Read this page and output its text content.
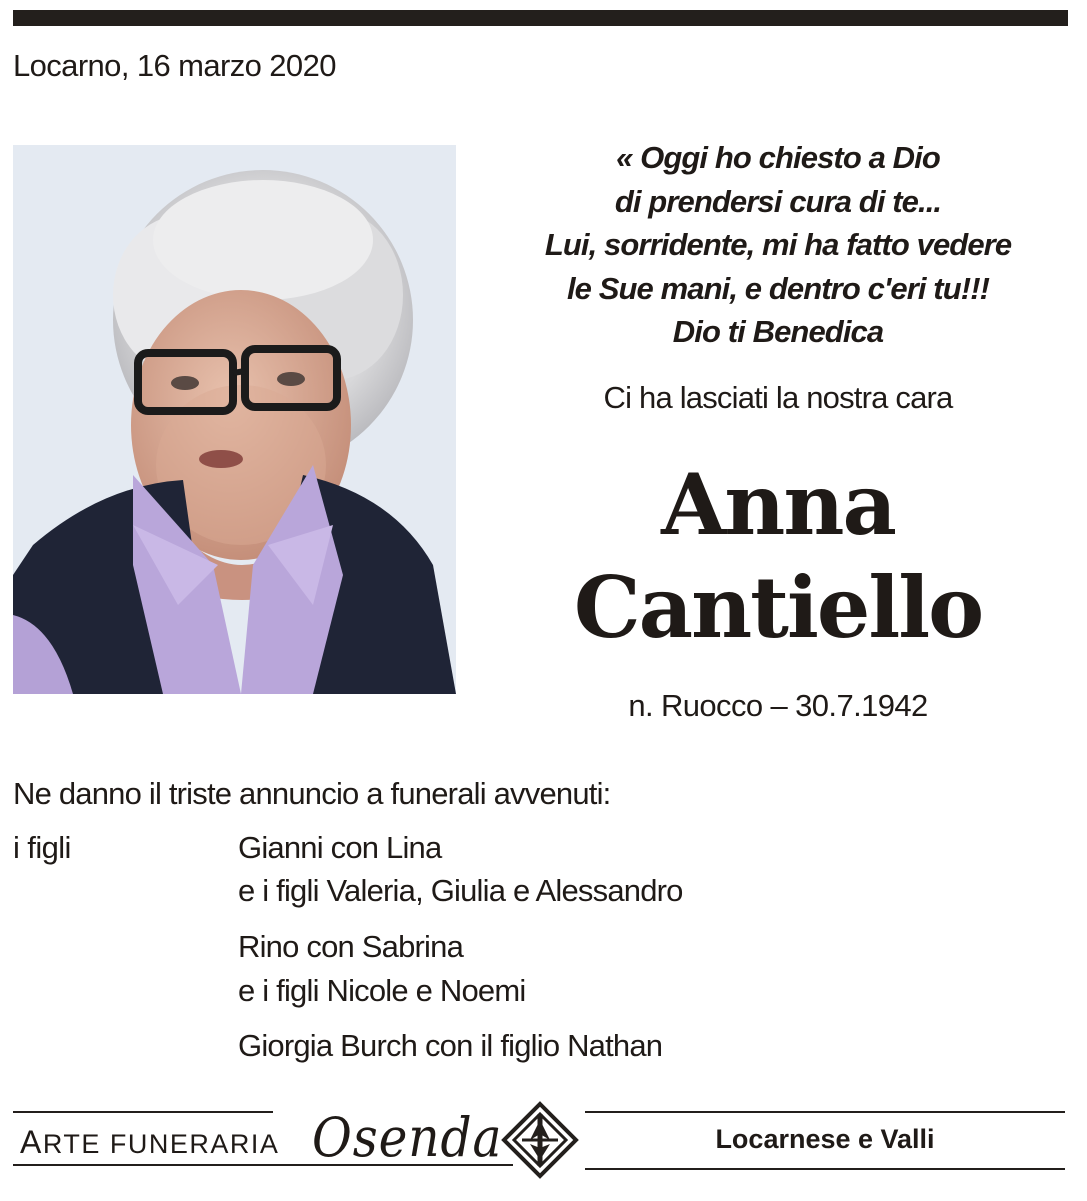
Locarno, 16 marzo 2020
« Oggi ho chiesto a Dio
di prendersi cura di te...
Lui, sorridente, mi ha fatto vedere
le Sue mani, e dentro c'eri tu!!!
Dio ti Benedica
Ci ha lasciati la nostra cara
Anna
Cantiello
n. Ruocco – 30.7.1942
Ne danno il triste annuncio a funerali avvenuti:
i figli	Gianni con Lina
e i figli Valeria, Giulia e Alessandro
Rino con Sabrina
e i figli Nicole e Noemi
Giorgia Burch con il figlio Nathan
ARTE FUNERARIA Osenda	Locarnese e Valli
